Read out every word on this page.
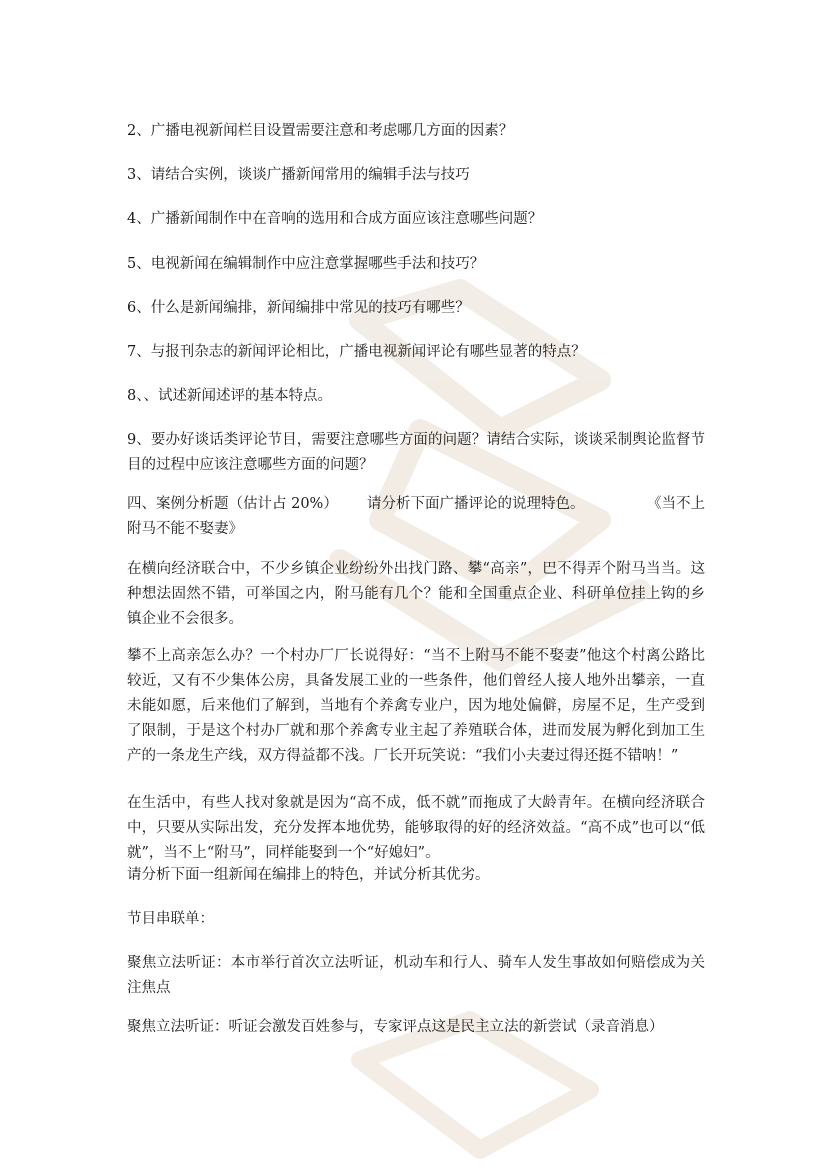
2、广播电视新闻栏目设置需要注意和考虑哪几方面的因素？

3、请结合实例，谈谈广播新闻常用的编辑手法与技巧

4、广播新闻制作中在音响的选用和合成方面应该注意哪些问题？

5、电视新闻在编辑制作中应注意掌握哪些手法和技巧？

6、什么是新闻编排，新闻编排中常见的技巧有哪些？

7、与报刊杂志的新闻评论相比，广播电视新闻评论有哪些显著的特点？

8、、试述新闻述评的基本特点。

9、要办好谈话类评论节目，需要注意哪些方面的问题？请结合实际，谈谈采制舆论监督节目的过程中应该注意哪些方面的问题？

四、案例分析题（估计占 20%） 请分析下面广播评论的说理特色。	《当不上

附马不能不娶妻》

在横向经济联合中，不少乡镇企业纷纷外出找门路、攀“高亲”，巴不得弄个附马当当。这种想法固然不错，可举国之内，附马能有几个？能和全国重点企业、科研单位挂上钩的乡镇企业不会很多。

攀不上高亲怎么办？一个村办厂厂长说得好：“当不上附马不能不娶妻”他这个村离公路比较近，又有不少集体公房，具备发展工业的一些条件，他们曾经人接人地外出攀亲，一直未能如愿，后来他们了解到，当地有个养禽专业户，因为地处偏僻，房屋不足，生产受到了限制，于是这个村办厂就和那个养禽专业主起了养殖联合体，进而发展为孵化到加工生产的一条龙生产线，双方得益都不浅。厂长开玩笑说：“我们小夫妻过得还挺不错呐！”

在生活中，有些人找对象就是因为“高不成，低不就”而拖成了大龄青年。在横向经济联合中，只要从实际出发，充分发挥本地优势，能够取得的好的经济效益。“高不成”也可以“低就”，当不上“附马”，同样能娶到一个“好媳妇”。

请分析下面一组新闻在编排上的特色，并试分析其优劣。

节目串联单：

聚焦立法听证：本市举行首次立法听证，机动车和行人、骑车人发生事故如何赔偿成为关注焦点

聚焦立法听证：听证会激发百姓参与，专家评点这是民主立法的新尝试（录音消息）
